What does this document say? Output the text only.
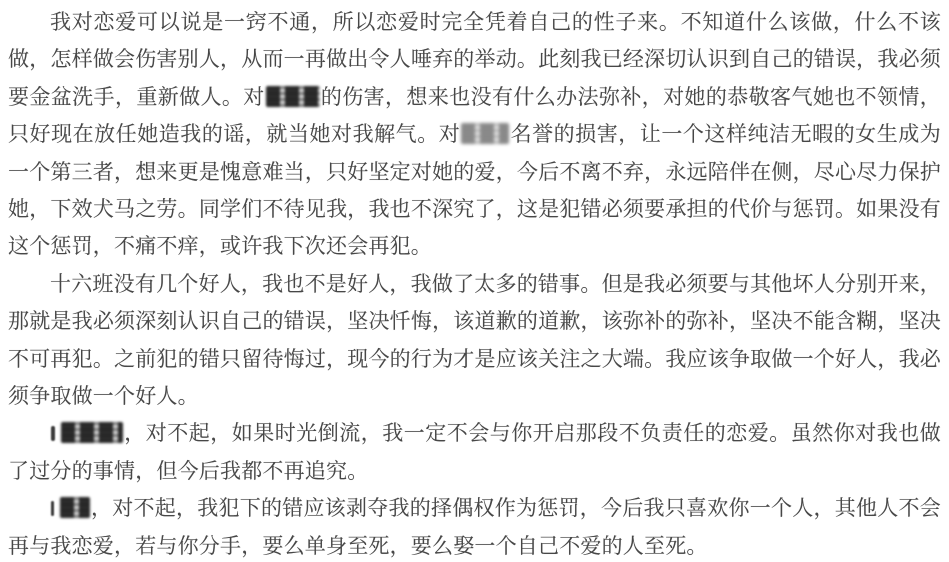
我对恋爱可以说是一窍不通，所以恋爱时完全凭着自己的性子来。不知道什么该做，什么不该做，怎样做会伤害别人，从而一再做出令人唾弃的举动。此刻我已经深切认识到自己的错误，我必须要金盆洗手，重新做人。对	的伤害，想来也没有什么办法弥补，对她的恭敬客气她也不领情，只好现在放任她造我的谣，就当她对我解气。对 名誉的损害，让一个这样纯洁无暇的女生成为一个第三者，想来更是愧意难当，只好坚定对她的爱，今后不离不弃，永远陪伴在侧，尽心尽力保护她，下效犬马之劳。同学们不待见我，我也不深究了，这是犯错必须要承担的代价与惩罚。如果没有这个惩罚，不痛不痒，或许我下次还会再犯。

十六班没有几个好人，我也不是好人，我做了太多的错事。但是我必须要与其他坏人分别开来，那就是我必须深刻认识自己的错误，坚决忏悔，该道歉的道歉，该弥补的弥补，坚决不能含糊，坚决不可再犯。之前犯的错只留待悔过，现今的行为才是应该关注之大端。我应该争取做一个好人，我必须争取做一个好人。

，对不起，如果时光倒流，我一定不会与你开启那段不负责任的恋爱。虽然你对我也做了过分的事情，但今后我都不再追究。

，对不起，我犯下的错应该剥夺我的择偶权作为惩罚，今后我只喜欢你一个人，其他人不会再与我恋爱，若与你分手，要么单身至死，要么娶一个自己不爱的人至死。
